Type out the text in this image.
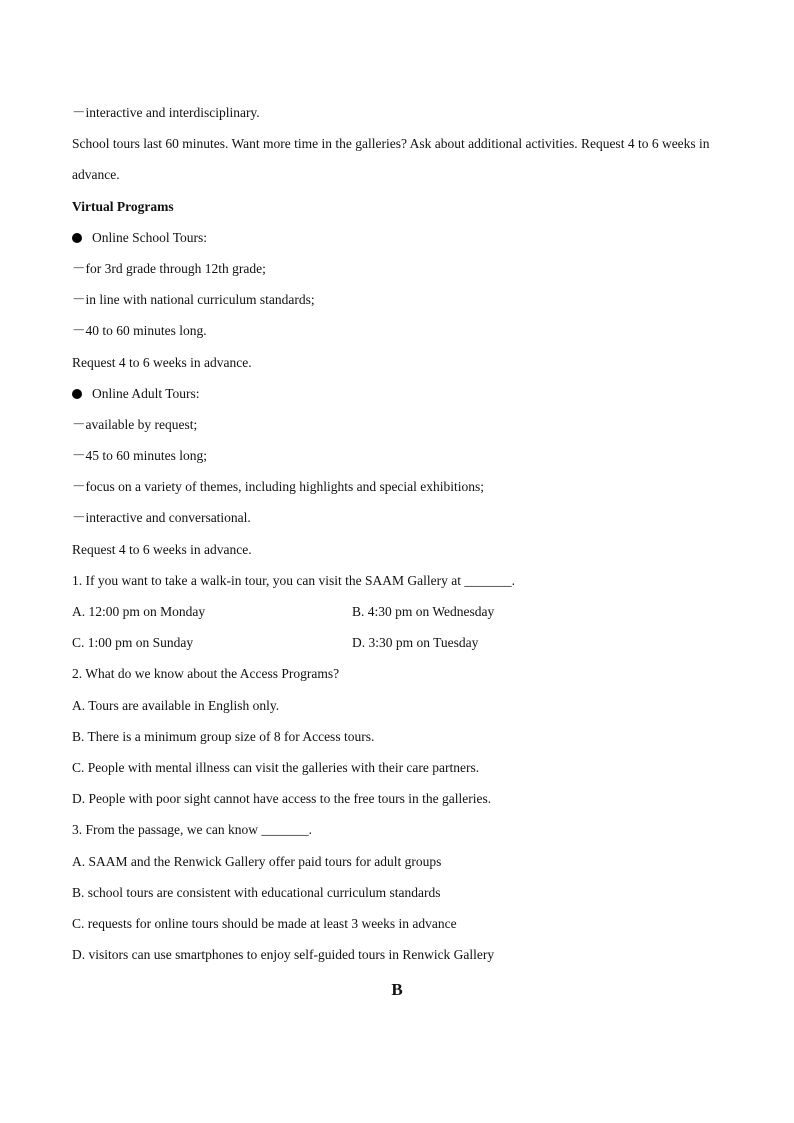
－interactive and interdisciplinary.
School tours last 60 minutes. Want more time in the galleries? Ask about additional activities. Request 4 to 6 weeks in advance.
Virtual Programs
Online School Tours:
－for 3rd grade through 12th grade;
－in line with national curriculum standards;
－40 to 60 minutes long.
Request 4 to 6 weeks in advance.
Online Adult Tours:
－available by request;
－45 to 60 minutes long;
－focus on a variety of themes, including highlights and special exhibitions;
－interactive and conversational.
Request 4 to 6 weeks in advance.
1. If you want to take a walk-in tour, you can visit the SAAM Gallery at _______.
A. 12:00 pm on Monday	B. 4:30 pm on Wednesday
C. 1:00 pm on Sunday	D. 3:30 pm on Tuesday
2. What do we know about the Access Programs?
A. Tours are available in English only.
B. There is a minimum group size of 8 for Access tours.
C. People with mental illness can visit the galleries with their care partners.
D. People with poor sight cannot have access to the free tours in the galleries.
3. From the passage, we can know _______.
A. SAAM and the Renwick Gallery offer paid tours for adult groups
B. school tours are consistent with educational curriculum standards
C. requests for online tours should be made at least 3 weeks in advance
D. visitors can use smartphones to enjoy self-guided tours in Renwick Gallery
B
